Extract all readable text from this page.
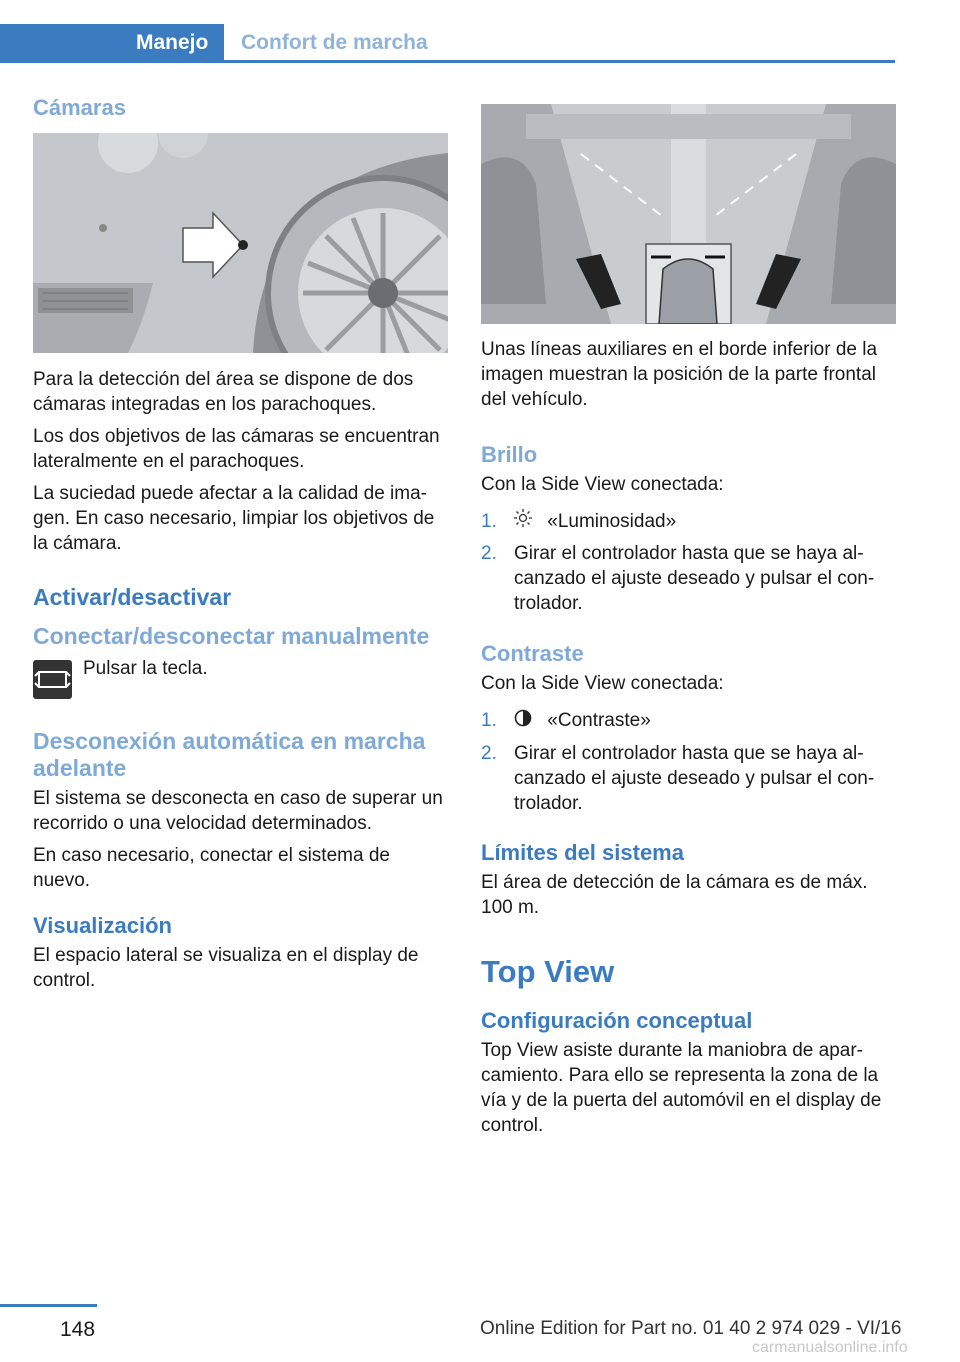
Manejo	Confort de marcha
Cámaras
Para la detección del área se dispone de dos cámaras integradas en los parachoques.
Los dos objetivos de las cámaras se encuentran lateralmente en el parachoques.
La suciedad puede afectar a la calidad de imagen. En caso necesario, limpiar los objetivos de la cámara.
Activar/desactivar
Conectar/desconectar manualmente
Pulsar la tecla.
Desconexión automática en marcha adelante
El sistema se desconecta en caso de superar un recorrido o una velocidad determinados.
En caso necesario, conectar el sistema de nuevo.
Visualización
El espacio lateral se visualiza en el display de control.
Unas líneas auxiliares en el borde inferior de la imagen muestran la posición de la parte frontal del vehículo.
Brillo
Con la Side View conectada:
1.	«Luminosidad»
2. Girar el controlador hasta que se haya alcanzado el ajuste deseado y pulsar el controlador.
Contraste
Con la Side View conectada:
1.	«Contraste»
2. Girar el controlador hasta que se haya alcanzado el ajuste deseado y pulsar el controlador.
Límites del sistema
El área de detección de la cámara es de máx. 100 m.
Top View
Configuración conceptual
Top View asiste durante la maniobra de aparcamiento. Para ello se representa la zona de la vía y de la puerta del automóvil en el display de control.
148	Online Edition for Part no. 01 40 2 974 029 - VI/16
carmanualsonline.info
